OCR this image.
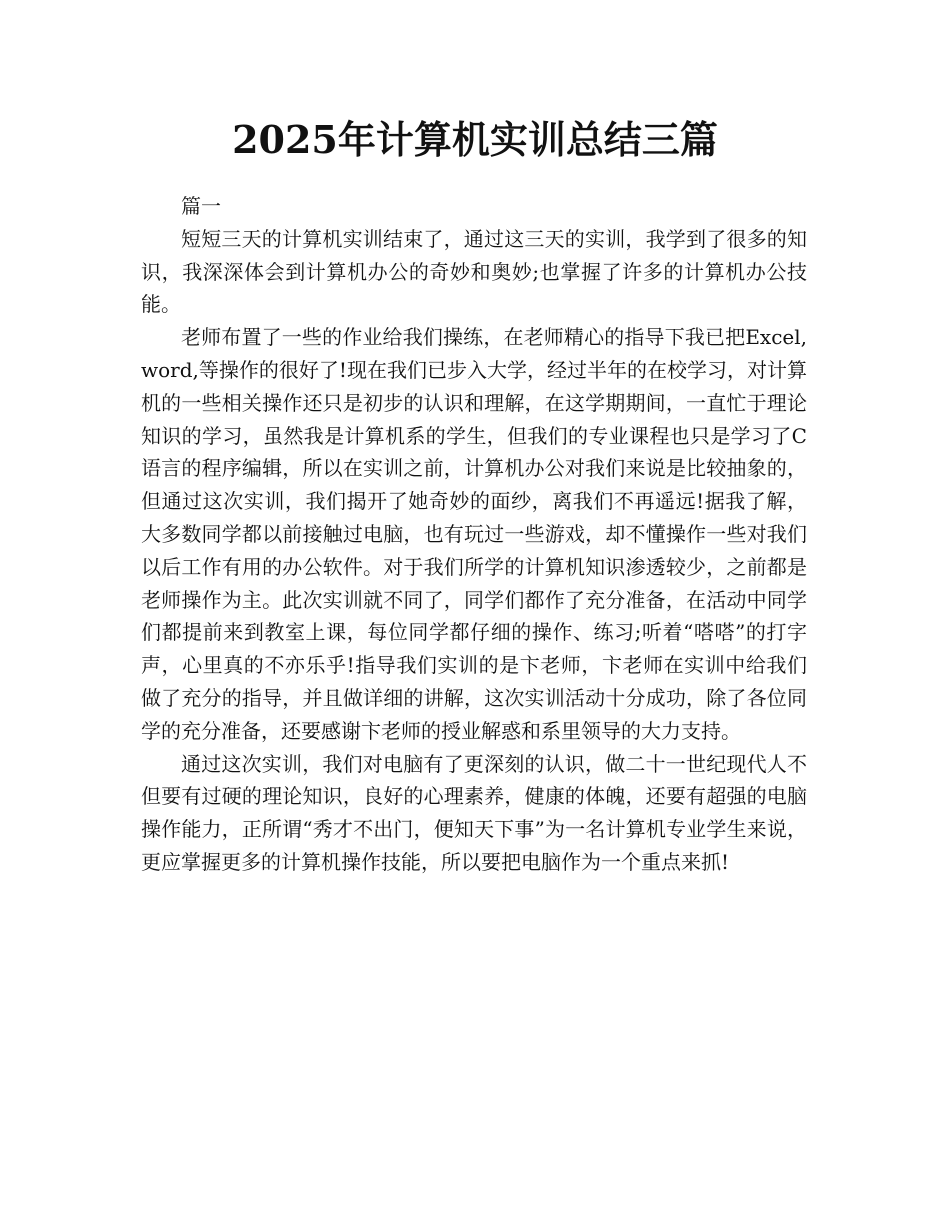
2025年计算机实训总结三篇

篇一

短短三天的计算机实训结束了，通过这三天的实训，我学到了很多的知识，我深深体会到计算机办公的奇妙和奥妙;也掌握了许多的计算机办公技能。

老师布置了一些的作业给我们操练，在老师精心的指导下我已把Excel,word,等操作的很好了!现在我们已步入大学，经过半年的在校学习，对计算机的一些相关操作还只是初步的认识和理解，在这学期期间，一直忙于理论知识的学习，虽然我是计算机系的学生，但我们的专业课程也只是学习了C语言的程序编辑，所以在实训之前，计算机办公对我们来说是比较抽象的，但通过这次实训，我们揭开了她奇妙的面纱，离我们不再遥远!据我了解，大多数同学都以前接触过电脑，也有玩过一些游戏，却不懂操作一些对我们以后工作有用的办公软件。对于我们所学的计算机知识渗透较少，之前都是老师操作为主。此次实训就不同了，同学们都作了充分准备，在活动中同学们都提前来到教室上课，每位同学都仔细的操作、练习;听着“嗒嗒”的打字声，心里真的不亦乐乎!指导我们实训的是卞老师，卞老师在实训中给我们做了充分的指导，并且做详细的讲解，这次实训活动十分成功，除了各位同学的充分准备，还要感谢卞老师的授业解惑和系里领导的大力支持。

通过这次实训，我们对电脑有了更深刻的认识，做二十一世纪现代人不但要有过硬的理论知识，良好的心理素养，健康的体魄，还要有超强的电脑操作能力，正所谓“秀才不出门，便知天下事”为一名计算机专业学生来说，更应掌握更多的计算机操作技能，所以要把电脑作为一个重点来抓!
